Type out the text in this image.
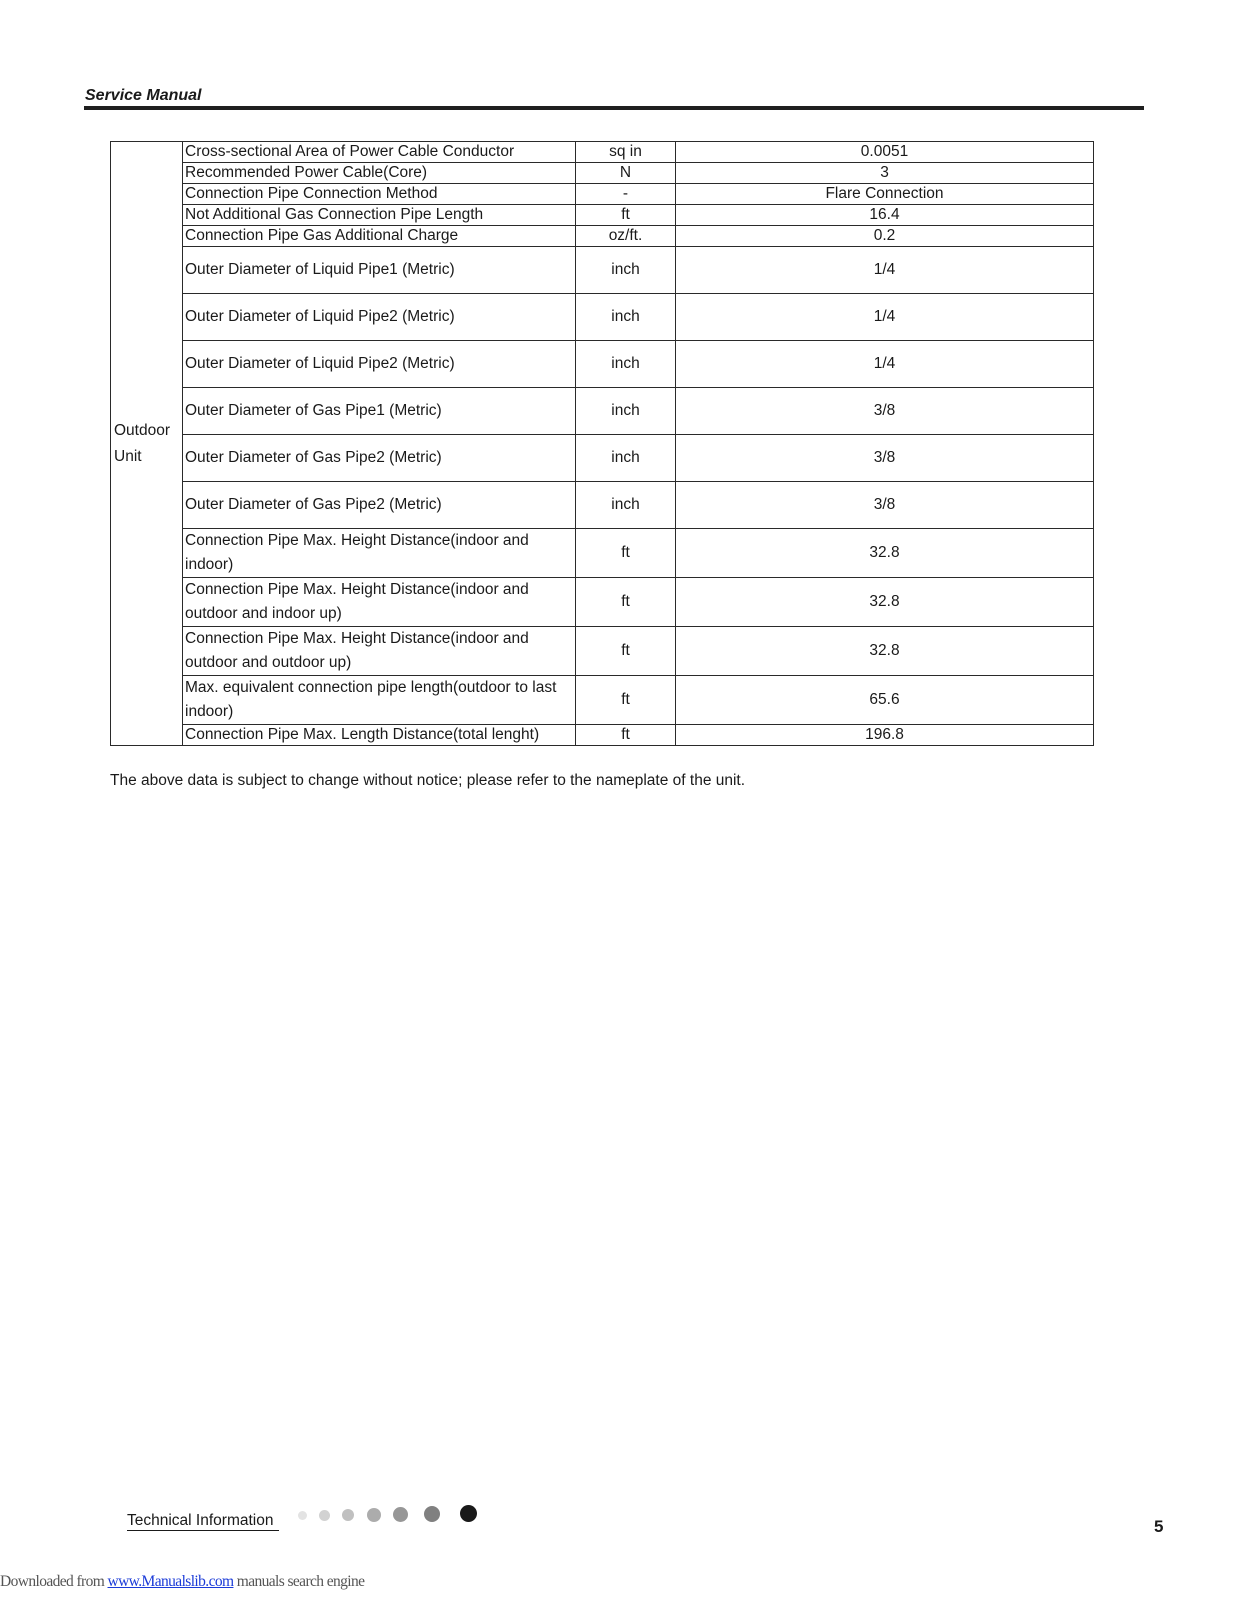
Service Manual
Outdoor Unit	Cross-sectional Area of Power Cable Conductor	sq in	0.0051
	Recommended Power Cable(Core)	N	3
	Connection Pipe Connection Method	-	Flare Connection
	Not Additional Gas Connection Pipe Length	ft	16.4
	Connection Pipe Gas Additional Charge	oz/ft.	0.2
	Outer Diameter of Liquid Pipe1 (Metric)	inch	1/4
	Outer Diameter of Liquid Pipe2 (Metric)	inch	1/4
	Outer Diameter of Liquid Pipe2 (Metric)	inch	1/4
	Outer Diameter of Gas Pipe1 (Metric)	inch	3/8
	Outer Diameter of Gas Pipe2 (Metric)	inch	3/8
	Outer Diameter of Gas Pipe2 (Metric)	inch	3/8
	Connection Pipe Max. Height Distance(indoor and indoor)	ft	32.8
	Connection Pipe Max. Height Distance(indoor and outdoor and indoor up)	ft	32.8
	Connection Pipe Max. Height Distance(indoor and outdoor and outdoor up)	ft	32.8
	Max. equivalent connection pipe length(outdoor to last indoor)	ft	65.6
	Connection Pipe Max. Length Distance(total lenght)	ft	196.8
The above data is subject to change without notice; please refer to the nameplate of the unit.
Technical Information	5
Downloaded from www.Manualslib.com manuals search engine
